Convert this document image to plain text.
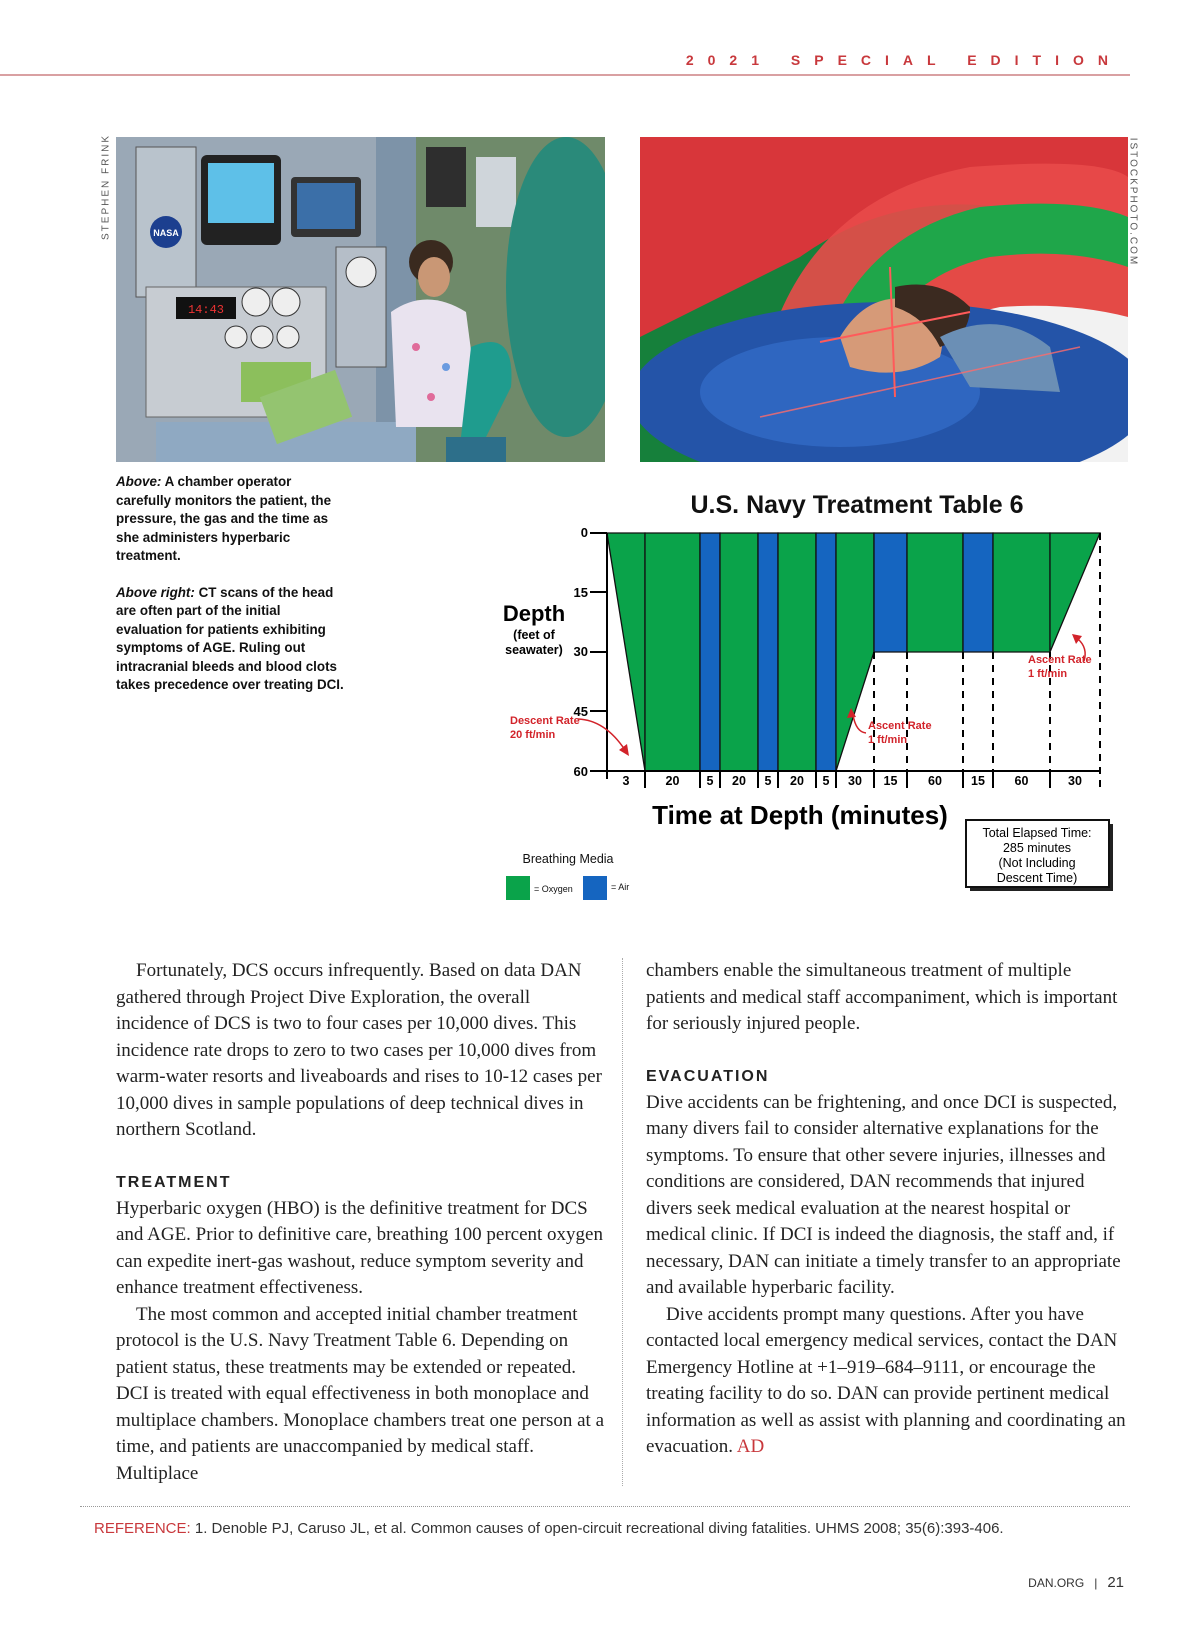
2021 SPECIAL EDITION
STEPHEN FRINK	ISTOCKPHOTO.COM
NASA
14:43

Above: A chamber operator carefully monitors the patient, the pressure, the gas and the time as she administers hyperbaric treatment.

Above right: CT scans of the head are often part of the initial evaluation for patients exhibiting symptoms of AGE. Ruling out intracranial bleeds and blood clots takes precedence over treating DCI.

U.S. Navy Treatment Table 6
0
15
30
45
60
Depth
(feet of
seawater)
3	20 5 20 5 20 5 30 15 60 15 60	30
Descent Rate
20 ft/min
Ascent Rate
1 ft/min
Ascent Rate
1 ft/min
Time at Depth (minutes)
Breathing Media
= Oxygen	= Air
Total Elapsed Time:
285 minutes
(Not Including
Descent Time)

Fortunately, DCS occurs infrequently. Based on data DAN gathered through Project Dive Exploration, the overall incidence of DCS is two to four cases per 10,000 dives. This incidence rate drops to zero to two cases per 10,000 dives from warm-water resorts and liveaboards and rises to 10-12 cases per 10,000 dives in sample populations of deep technical dives in northern Scotland.

TREATMENT

Hyperbaric oxygen (HBO) is the definitive treatment for DCS and AGE. Prior to definitive care, breathing 100 percent oxygen can expedite inert-gas washout, reduce symptom severity and enhance treatment effectiveness.

The most common and accepted initial chamber treatment protocol is the U.S. Navy Treatment Table 6. Depending on patient status, these treatments may be extended or repeated. DCI is treated with equal effectiveness in both monoplace and multiplace chambers. Monoplace chambers treat one person at a time, and patients are unaccompanied by medical staff. Multiplace

chambers enable the simultaneous treatment of multiple patients and medical staff accompaniment, which is important for seriously injured people.

EVACUATION

Dive accidents can be frightening, and once DCI is suspected, many divers fail to consider alternative explanations for the symptoms. To ensure that other severe injuries, illnesses and conditions are considered, DAN recommends that injured divers seek medical evaluation at the nearest hospital or medical clinic. If DCI is indeed the diagnosis, the staff and, if necessary, DAN can initiate a timely transfer to an appropriate and available hyperbaric facility.

Dive accidents prompt many questions. After you have contacted local emergency medical services, contact the DAN Emergency Hotline at +1–919–684–9111, or encourage the treating facility to do so. DAN can provide pertinent medical information as well as assist with planning and coordinating an evacuation. AD

REFERENCE: 1. Denoble PJ, Caruso JL, et al. Common causes of open-circuit recreational diving fatalities. UHMS 2008; 35(6):393-406.
DAN.ORG | 21
